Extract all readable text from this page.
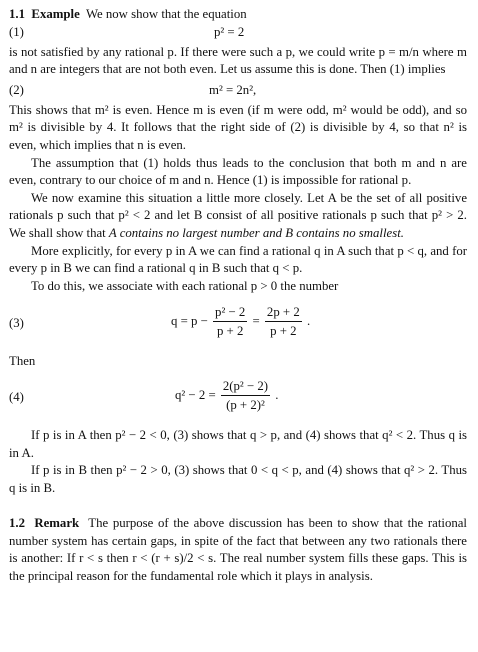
1.1 Example We now show that the equation

(1)	p² = 2

is not satisfied by any rational p. If there were such a p, we could write p = m/n where m and n are integers that are not both even. Let us assume this is done. Then (1) implies

(2)	m² = 2n²,

This shows that m² is even. Hence m is even (if m were odd, m² would be odd), and so m² is divisible by 4. It follows that the right side of (2) is divisible by 4, so that n² is even, which implies that n is even.

The assumption that (1) holds thus leads to the conclusion that both m and n are even, contrary to our choice of m and n. Hence (1) is impossible for rational p.

We now examine this situation a little more closely. Let A be the set of all positive rationals p such that p² < 2 and let B consist of all positive rationals p such that p² > 2. We shall show that A contains no largest number and B contains no smallest.

More explicitly, for every p in A we can find a rational q in A such that p < q, and for every p in B we can find a rational q in B such that q < p.

To do this, we associate with each rational p > 0 the number

(3)	$q = p - \frac{\text{p² − 2}}{p + 2} = \frac{2p + 2}{p + 2}$ .

Then

(4)	$q^2 - 2 = \frac{\text{2(p² − 2)}}{\text{(p + 2)²}}$ .

If p is in A then p² − 2 < 0, (3) shows that q > p, and (4) shows that q² < 2. Thus q is in A.

If p is in B then p² − 2 > 0, (3) shows that 0 < q < p, and (4) shows that q² > 2. Thus q is in B.

1.2 Remark The purpose of the above discussion has been to show that the rational number system has certain gaps, in spite of the fact that between any two rationals there is another: If r < s then r < (r + s)/2 < s. The real number system fills these gaps. This is the principal reason for the fundamental role which it plays in analysis.
